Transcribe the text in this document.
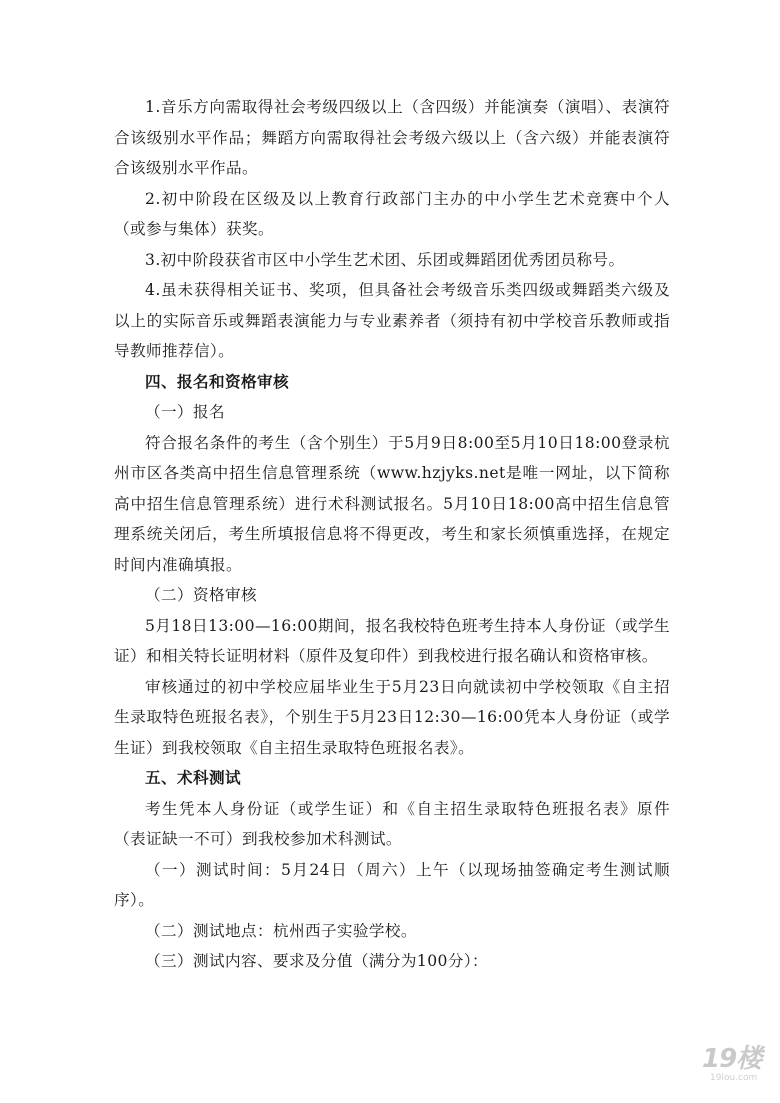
1.音乐方向需取得社会考级四级以上（含四级）并能演奏（演唱）、表演符合该级别水平作品；舞蹈方向需取得社会考级六级以上（含六级）并能表演符合该级别水平作品。

2.初中阶段在区级及以上教育行政部门主办的中小学生艺术竞赛中个人（或参与集体）获奖。

3.初中阶段获省市区中小学生艺术团、乐团或舞蹈团优秀团员称号。

4.虽未获得相关证书、奖项，但具备社会考级音乐类四级或舞蹈类六级及以上的实际音乐或舞蹈表演能力与专业素养者（须持有初中学校音乐教师或指导教师推荐信）。

四、报名和资格审核

（一）报名

符合报名条件的考生（含个别生）于5月9日8:00至5月10日18:00登录杭州市区各类高中招生信息管理系统（www.hzjyks.net是唯一网址，以下简称高中招生信息管理系统）进行术科测试报名。5月10日18:00高中招生信息管理系统关闭后，考生所填报信息将不得更改，考生和家长须慎重选择，在规定时间内准确填报。

（二）资格审核

5月18日13:00—16:00期间，报名我校特色班考生持本人身份证（或学生证）和相关特长证明材料（原件及复印件）到我校进行报名确认和资格审核。

审核通过的初中学校应届毕业生于5月23日向就读初中学校领取《自主招生录取特色班报名表》，个别生于5月23日12:30—16:00凭本人身份证（或学生证）到我校领取《自主招生录取特色班报名表》。

五、术科测试

考生凭本人身份证（或学生证）和《自主招生录取特色班报名表》原件（表证缺一不可）到我校参加术科测试。

（一）测试时间：5月24日（周六）上午（以现场抽签确定考生测试顺序）。

（二）测试地点：杭州西子实验学校。

（三）测试内容、要求及分值（满分为100分）：

19楼
19lou.com
